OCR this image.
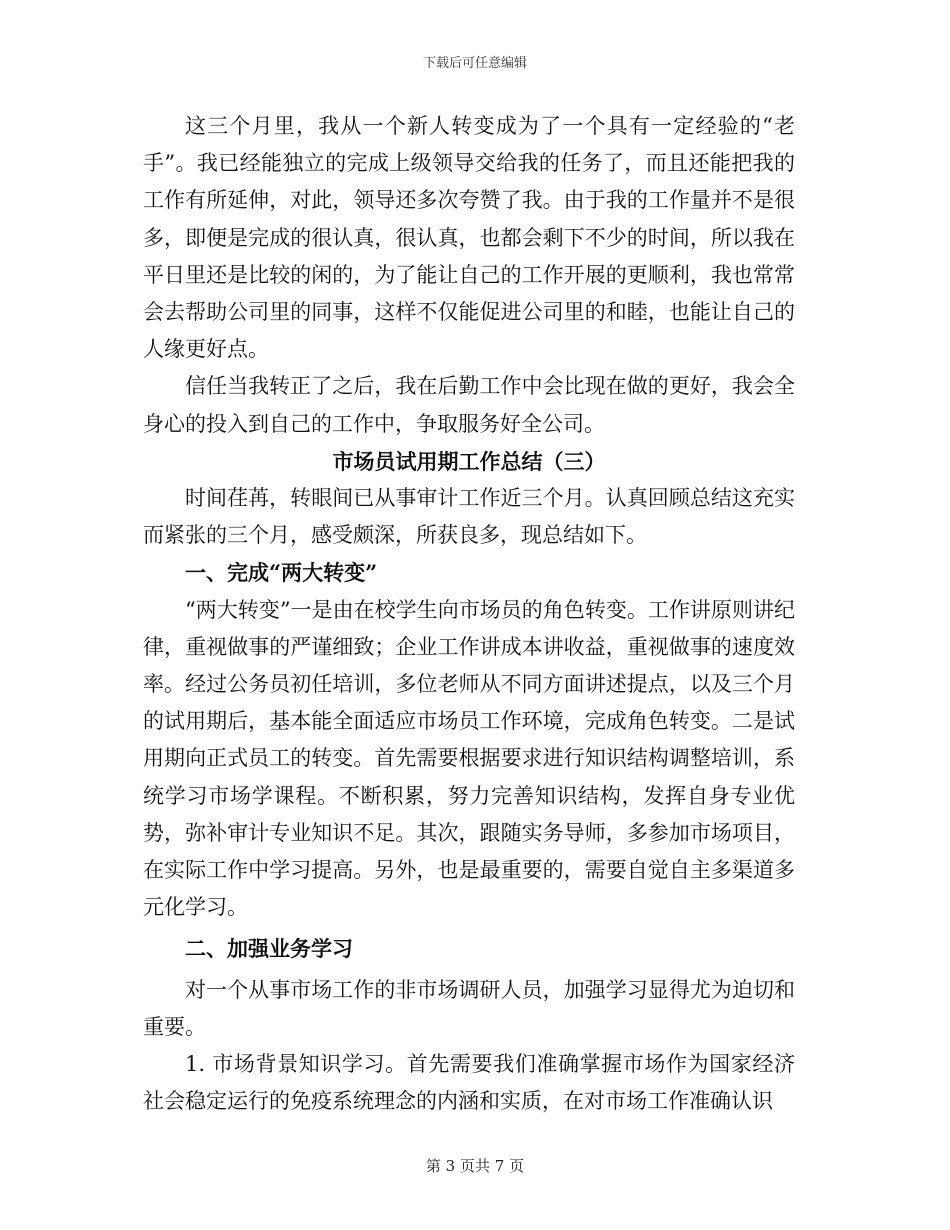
下载后可任意编辑

这三个月里，我从一个新人转变成为了一个具有一定经验的“老手”。我已经能独立的完成上级领导交给我的任务了，而且还能把我的工作有所延伸，对此，领导还多次夸赞了我。由于我的工作量并不是很多，即便是完成的很认真，很认真，也都会剩下不少的时间，所以我在平日里还是比较的闲的，为了能让自己的工作开展的更顺利，我也常常会去帮助公司里的同事，这样不仅能促进公司里的和睦，也能让自己的人缘更好点。

信任当我转正了之后，我在后勤工作中会比现在做的更好，我会全身心的投入到自己的工作中，争取服务好全公司。

市场员试用期工作总结（三）

时间荏苒，转眼间已从事审计工作近三个月。认真回顾总结这充实而紧张的三个月，感受颇深，所获良多，现总结如下。

一、完成“两大转变”

“两大转变”一是由在校学生向市场员的角色转变。工作讲原则讲纪律，重视做事的严谨细致；企业工作讲成本讲收益，重视做事的速度效率。经过公务员初任培训，多位老师从不同方面讲述提点，以及三个月的试用期后，基本能全面适应市场员工作环境，完成角色转变。二是试用期向正式员工的转变。首先需要根据要求进行知识结构调整培训，系统学习市场学课程。不断积累，努力完善知识结构，发挥自身专业优势，弥补审计专业知识不足。其次，跟随实务导师，多参加市场项目，在实际工作中学习提高。另外，也是最重要的，需要自觉自主多渠道多元化学习。

二、加强业务学习

对一个从事市场工作的非市场调研人员，加强学习显得尤为迫切和重要。

1. 市场背景知识学习。首先需要我们准确掌握市场作为国家经济社会稳定运行的免疫系统理念的内涵和实质，在对市场工作准确认识

第 3 页共 7 页
